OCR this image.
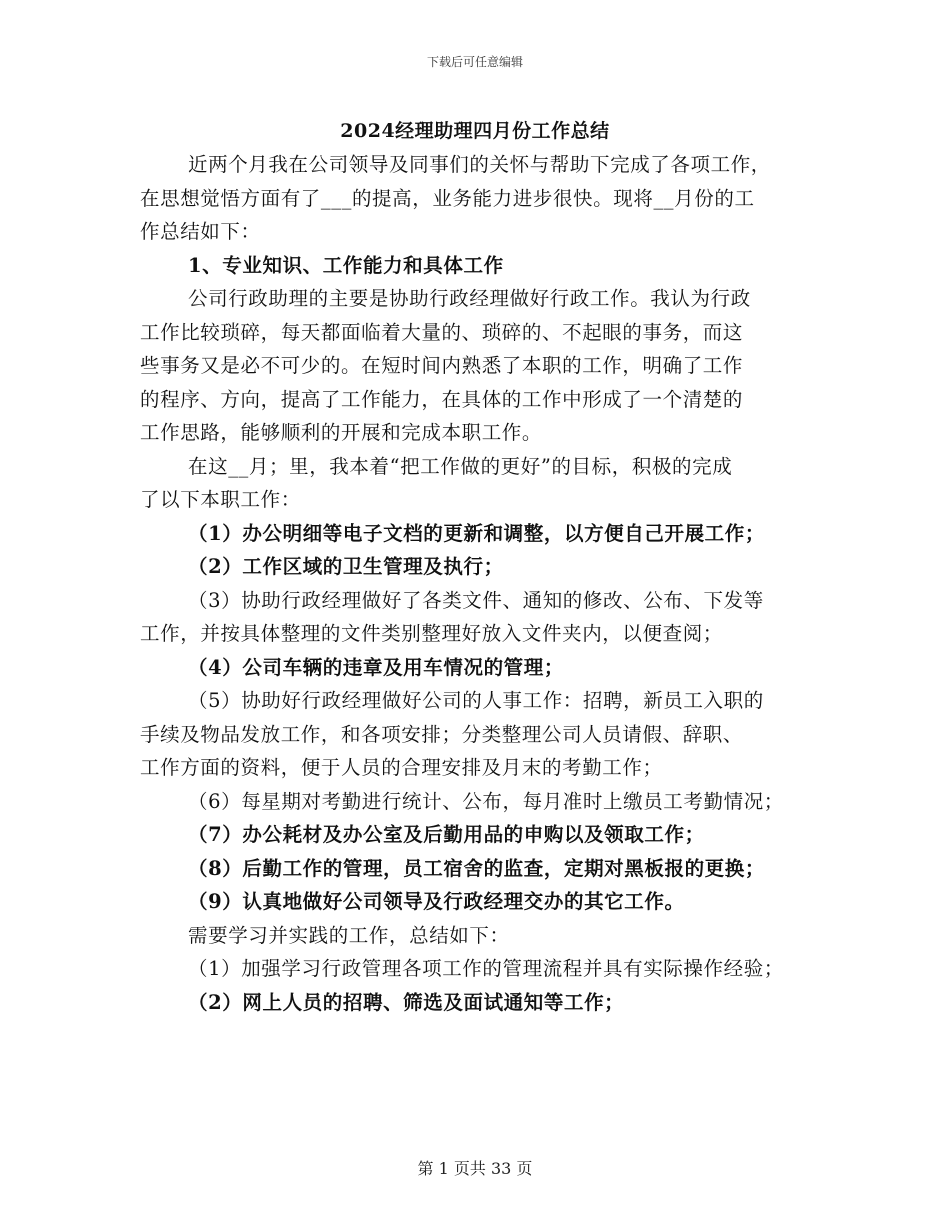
下载后可任意编辑
2024经理助理四月份工作总结
近两个月我在公司领导及同事们的关怀与帮助下完成了各项工作，
在思想觉悟方面有了___的提高，业务能力进步很快。现将__月份的工
作总结如下：
1、专业知识、工作能力和具体工作
公司行政助理的主要是协助行政经理做好行政工作。我认为行政
工作比较琐碎，每天都面临着大量的、琐碎的、不起眼的事务，而这
些事务又是必不可少的。在短时间内熟悉了本职的工作，明确了工作
的程序、方向，提高了工作能力，在具体的工作中形成了一个清楚的
工作思路，能够顺利的开展和完成本职工作。
在这__月；里，我本着“把工作做的更好”的目标，积极的完成
了以下本职工作：
（1）办公明细等电子文档的更新和调整，以方便自己开展工作；
（2）工作区域的卫生管理及执行；
（3）协助行政经理做好了各类文件、通知的修改、公布、下发等
工作，并按具体整理的文件类别整理好放入文件夹内，以便查阅；
（4）公司车辆的违章及用车情况的管理；
（5）协助好行政经理做好公司的人事工作：招聘，新员工入职的
手续及物品发放工作，和各项安排；分类整理公司人员请假、辞职、
工作方面的资料，便于人员的合理安排及月末的考勤工作；
（6）每星期对考勤进行统计、公布，每月准时上缴员工考勤情况；
（7）办公耗材及办公室及后勤用品的申购以及领取工作；
（8）后勤工作的管理，员工宿舍的监查，定期对黑板报的更换；
（9）认真地做好公司领导及行政经理交办的其它工作。
需要学习并实践的工作，总结如下：
（1）加强学习行政管理各项工作的管理流程并具有实际操作经验；
（2）网上人员的招聘、筛选及面试通知等工作；
第 1 页共 33 页
